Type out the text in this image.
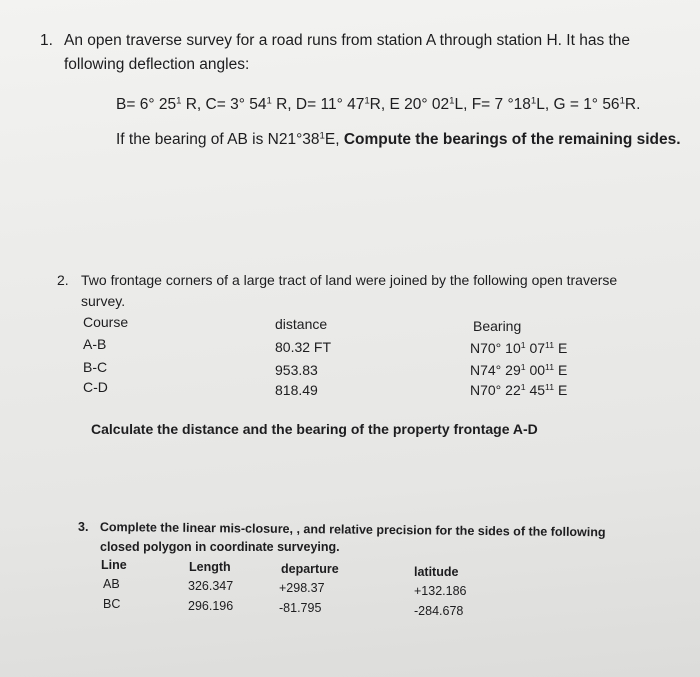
1. An open traverse survey for a road runs from station A through station H. It has the
following deflection angles:
B= 6° $25^1$ R, C= 3° $54^1$ R, D= 11° $47^1R$, E 20° $02^1L$, F= 7 $^\circ 18^1L$, G = 1° $56^1R$.
If the bearing of AB is $N21^\circ 38^1E$, Compute the bearings of the remaining sides.
2. Two frontage corners of a large tract of land were joined by the following open traverse
survey.
Course	distance	Bearing
A-B	80.32 FT	N70° $10^1$ $07^{11}$ E
B-C	953.83	N74° $29^1$ $00^{11}$ E
C-D	818.49	N70° $22^1$ $45^{11}$ E
Calculate the distance and the bearing of the property frontage A-D
3. Complete the linear mis-closure, , and relative precision for the sides of the following
closed polygon in coordinate surveying.
Line	Length	departure	latitude
AB	326.347	+298.37	+132.186
BC	296.196	-81.795	-284.678
